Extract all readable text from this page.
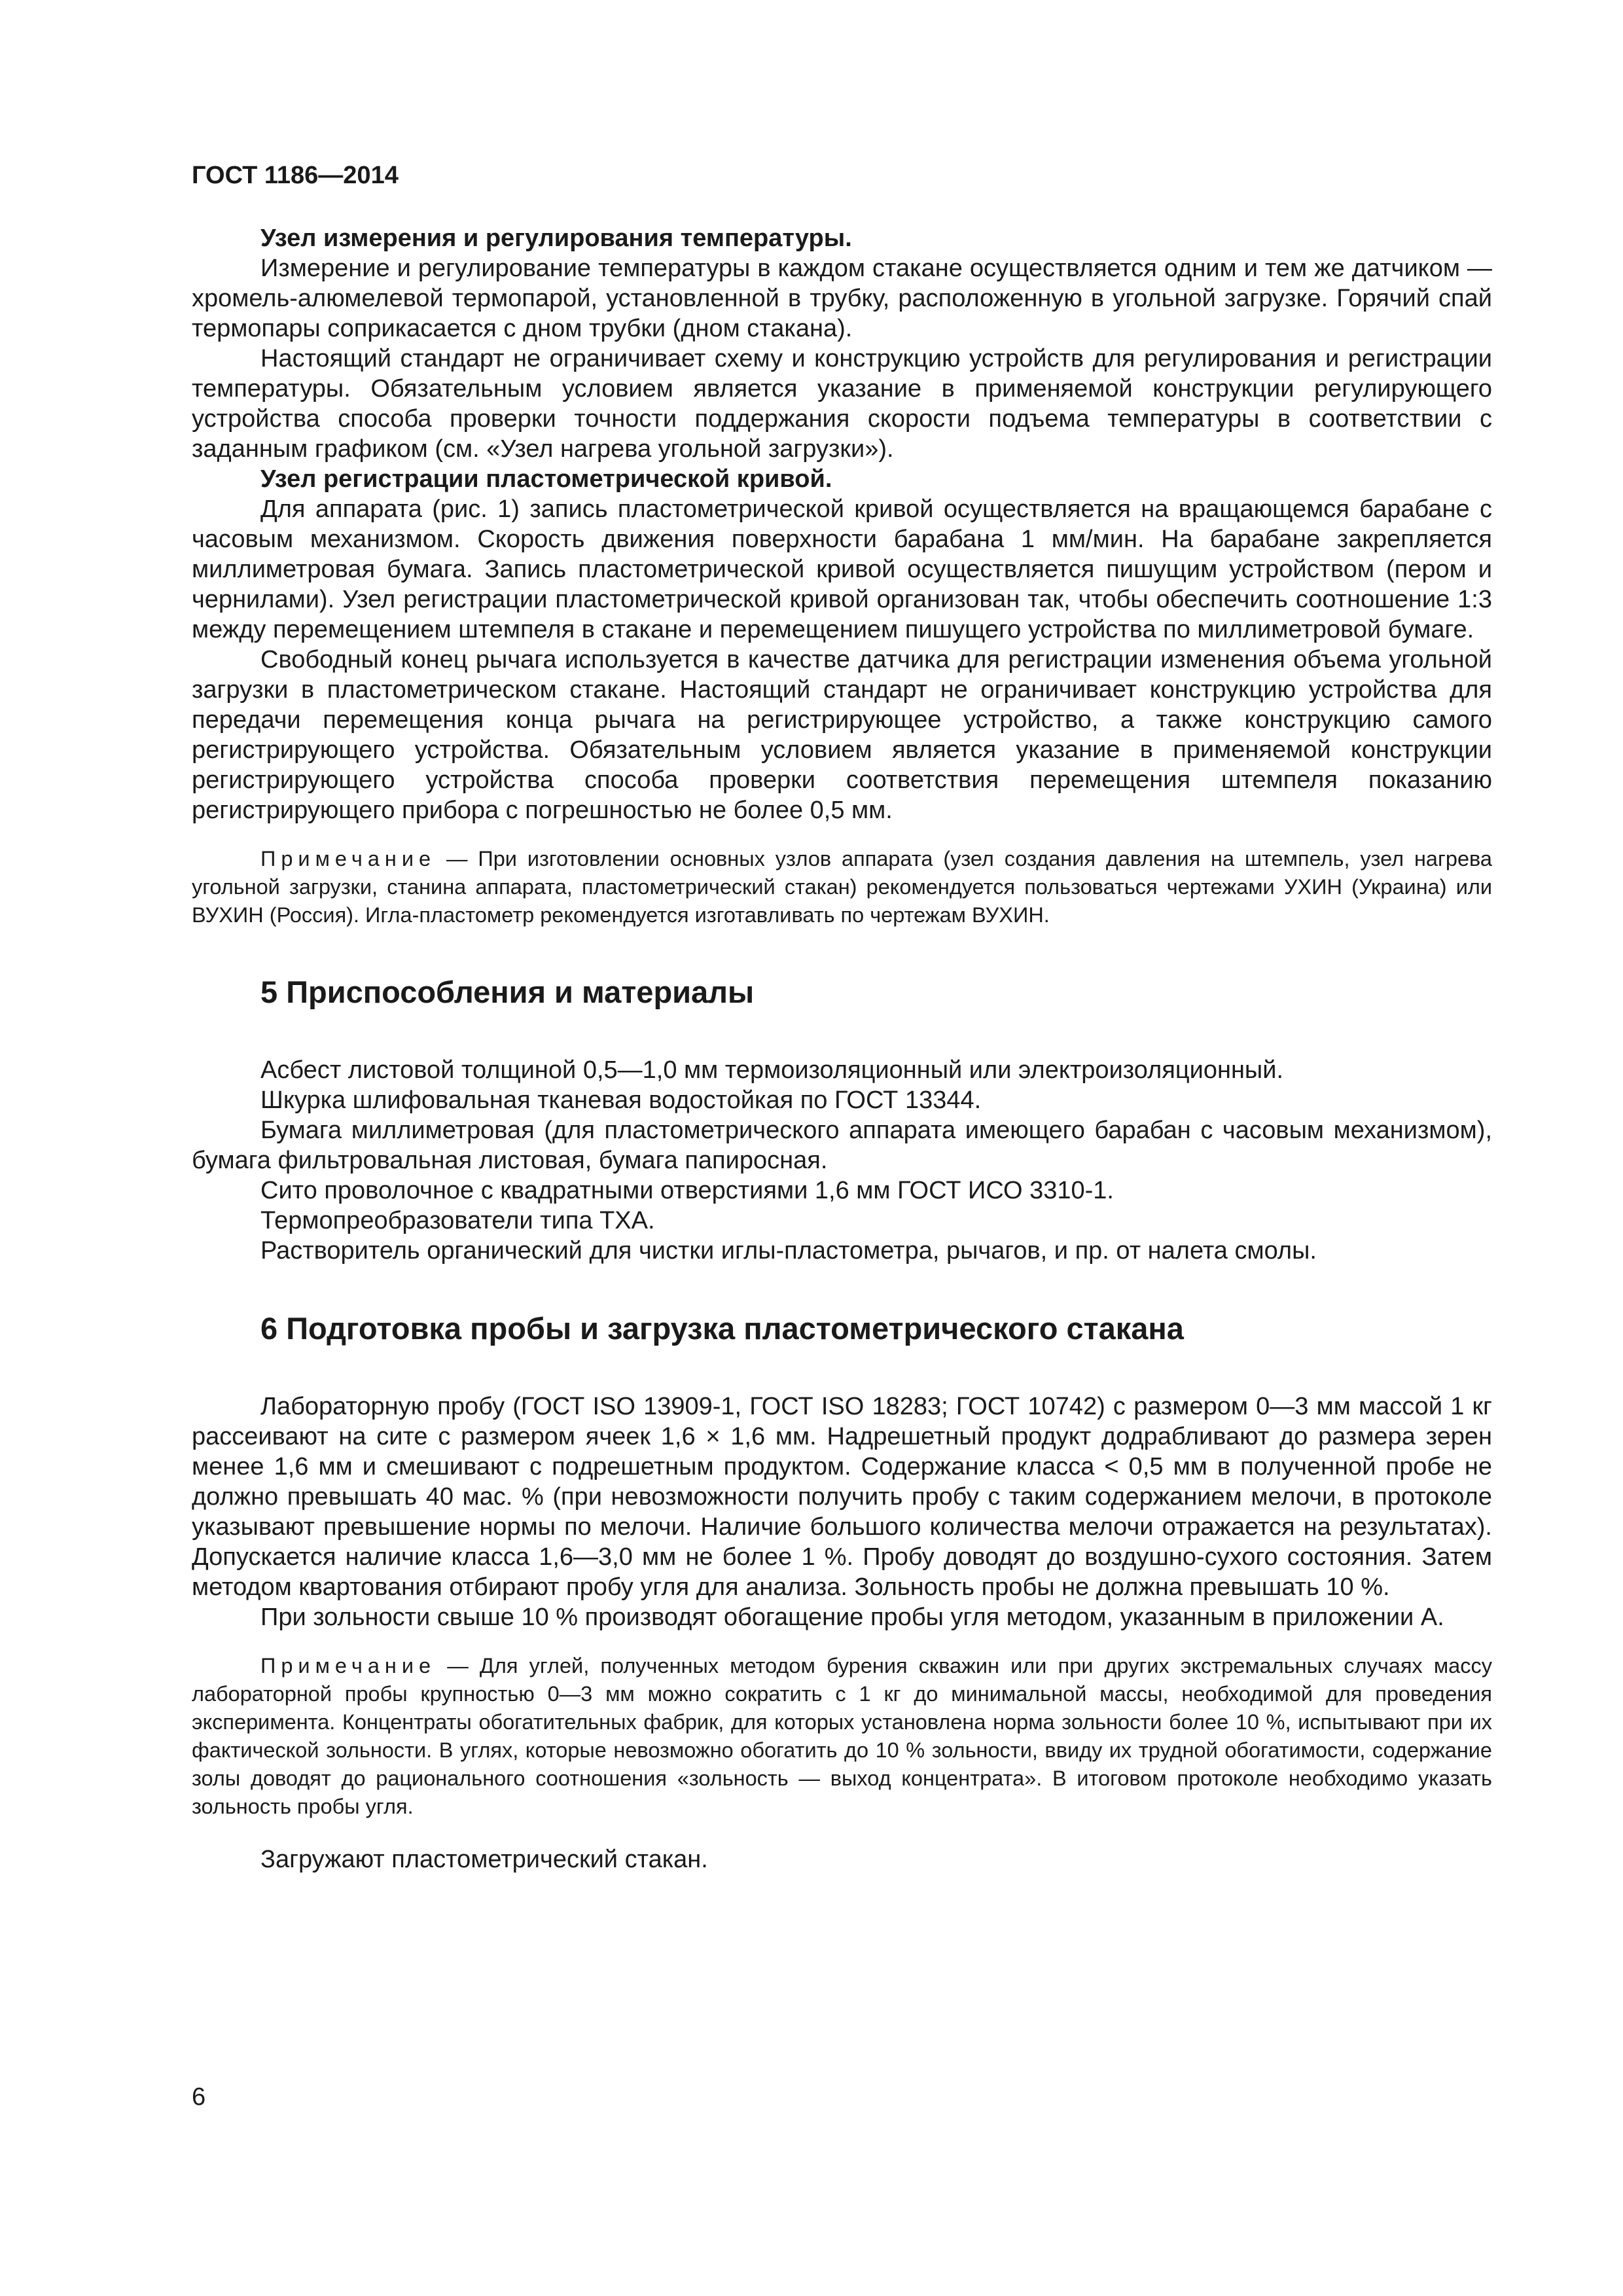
ГОСТ 1186—2014

Узел измерения и регулирования температуры.

Измерение и регулирование температуры в каждом стакане осуществляется одним и тем же датчиком — хромель-алюмелевой термопарой, установленной в трубку, расположенную в угольной загрузке. Горячий спай термопары соприкасается с дном трубки (дном стакана).

Настоящий стандарт не ограничивает схему и конструкцию устройств для регулирования и регистрации температуры. Обязательным условием является указание в применяемой конструкции регулирующего устройства способа проверки точности поддержания скорости подъема температуры в соответствии с заданным графиком (см. «Узел нагрева угольной загрузки»).

Узел регистрации пластометрической кривой.

Для аппарата (рис. 1) запись пластометрической кривой осуществляется на вращающемся барабане с часовым механизмом. Скорость движения поверхности барабана 1 мм/мин. На барабане закрепляется миллиметровая бумага. Запись пластометрической кривой осуществляется пишущим устройством (пером и чернилами). Узел регистрации пластометрической кривой организован так, чтобы обеспечить соотношение 1:3 между перемещением штемпеля в стакане и перемещением пишущего устройства по миллиметровой бумаге.

Свободный конец рычага используется в качестве датчика для регистрации изменения объема угольной загрузки в пластометрическом стакане. Настоящий стандарт не ограничивает конструкцию устройства для передачи перемещения конца рычага на регистрирующее устройство, а также конструкцию самого регистрирующего устройства. Обязательным условием является указание в применяемой конструкции регистрирующего устройства способа проверки соответствия перемещения штемпеля показанию регистрирующего прибора с погрешностью не более 0,5 мм.

Примечание — При изготовлении основных узлов аппарата (узел создания давления на штемпель, узел нагрева угольной загрузки, станина аппарата, пластометрический стакан) рекомендуется пользоваться чертежами УХИН (Украина) или ВУХИН (Россия). Игла-пластометр рекомендуется изготавливать по чертежам ВУХИН.

5 Приспособления и материалы

Асбест листовой толщиной 0,5—1,0 мм термоизоляционный или электроизоляционный.

Шкурка шлифовальная тканевая водостойкая по ГОСТ 13344.

Бумага миллиметровая (для пластометрического аппарата имеющего барабан с часовым механизмом), бумага фильтровальная листовая, бумага папиросная.

Сито проволочное с квадратными отверстиями 1,6 мм ГОСТ ИСО 3310-1.

Термопреобразователи типа ТХА.

Растворитель органический для чистки иглы-пластометра, рычагов, и пр. от налета смолы.

6 Подготовка пробы и загрузка пластометрического стакана

Лабораторную пробу (ГОСТ ISO 13909-1, ГОСТ ISO 18283; ГОСТ 10742) с размером 0—3 мм массой 1 кг рассеивают на сите с размером ячеек 1,6 × 1,6 мм. Надрешетный продукт додрабливают до размера зерен менее 1,6 мм и смешивают с подрешетным продуктом. Содержание класса < 0,5 мм в полученной пробе не должно превышать 40 мас. % (при невозможности получить пробу с таким содержанием мелочи, в протоколе указывают превышение нормы по мелочи. Наличие большого количества мелочи отражается на результатах). Допускается наличие класса 1,6—3,0 мм не более 1 %. Пробу доводят до воздушно-сухого состояния. Затем методом квартования отбирают пробу угля для анализа. Зольность пробы не должна превышать 10 %.

При зольности свыше 10 % производят обогащение пробы угля методом, указанным в приложении А.

Примечание — Для углей, полученных методом бурения скважин или при других экстремальных случаях массу лабораторной пробы крупностью 0—3 мм можно сократить с 1 кг до минимальной массы, необходимой для проведения эксперимента. Концентраты обогатительных фабрик, для которых установлена норма зольности более 10 %, испытывают при их фактической зольности. В углях, которые невозможно обогатить до 10 % зольности, ввиду их трудной обогатимости, содержание золы доводят до рационального соотношения «зольность — выход концентрата». В итоговом протоколе необходимо указать зольность пробы угля.

Загружают пластометрический стакан.

6
